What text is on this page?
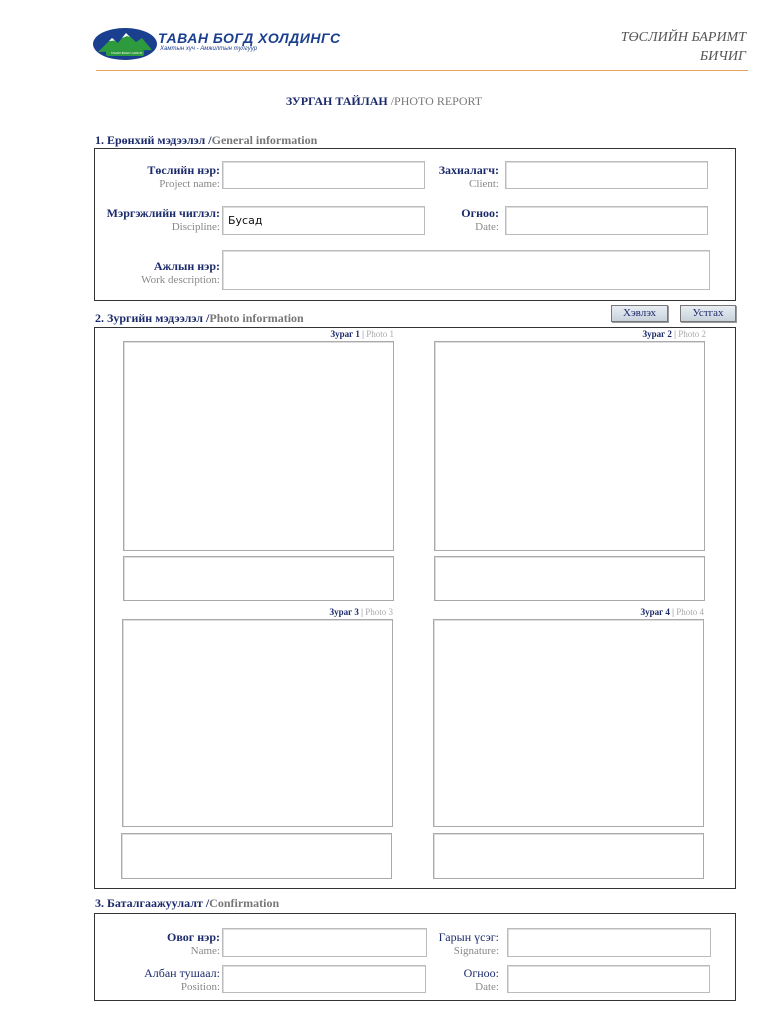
TAVAN BOGD GROUP
ТАВАН БОГД ХОЛДИНГС
Хамтын хүч - Амжилтын тулгуур
ТӨСЛИЙН БАРИМТ
БИЧИГ
ЗУРГАН ТАЙЛАН /PHOTO REPORT
1. Ерөнхий мэдээлэл /General information
Төслийн нэр:
Project name:
Захиалагч:
Client:
Мэргэжлийн чиглэл:
Discipline: Бусад
Огноо:
Date:
Ажлын нэр:
Work description:
2. Зургийн мэдээлэл /Photo information	Хэвлэх	Устгах
Зураг 1 | Photo 1	Зураг 2 | Photo 2
Зураг 3 | Photo 3	Зураг 4 | Photo 4
3. Баталгаажуулалт /Confirmation
Овог нэр:
Name:
Гарын үсэг:
Signature:
Албан тушаал:
Position:
Огноо:
Date:
